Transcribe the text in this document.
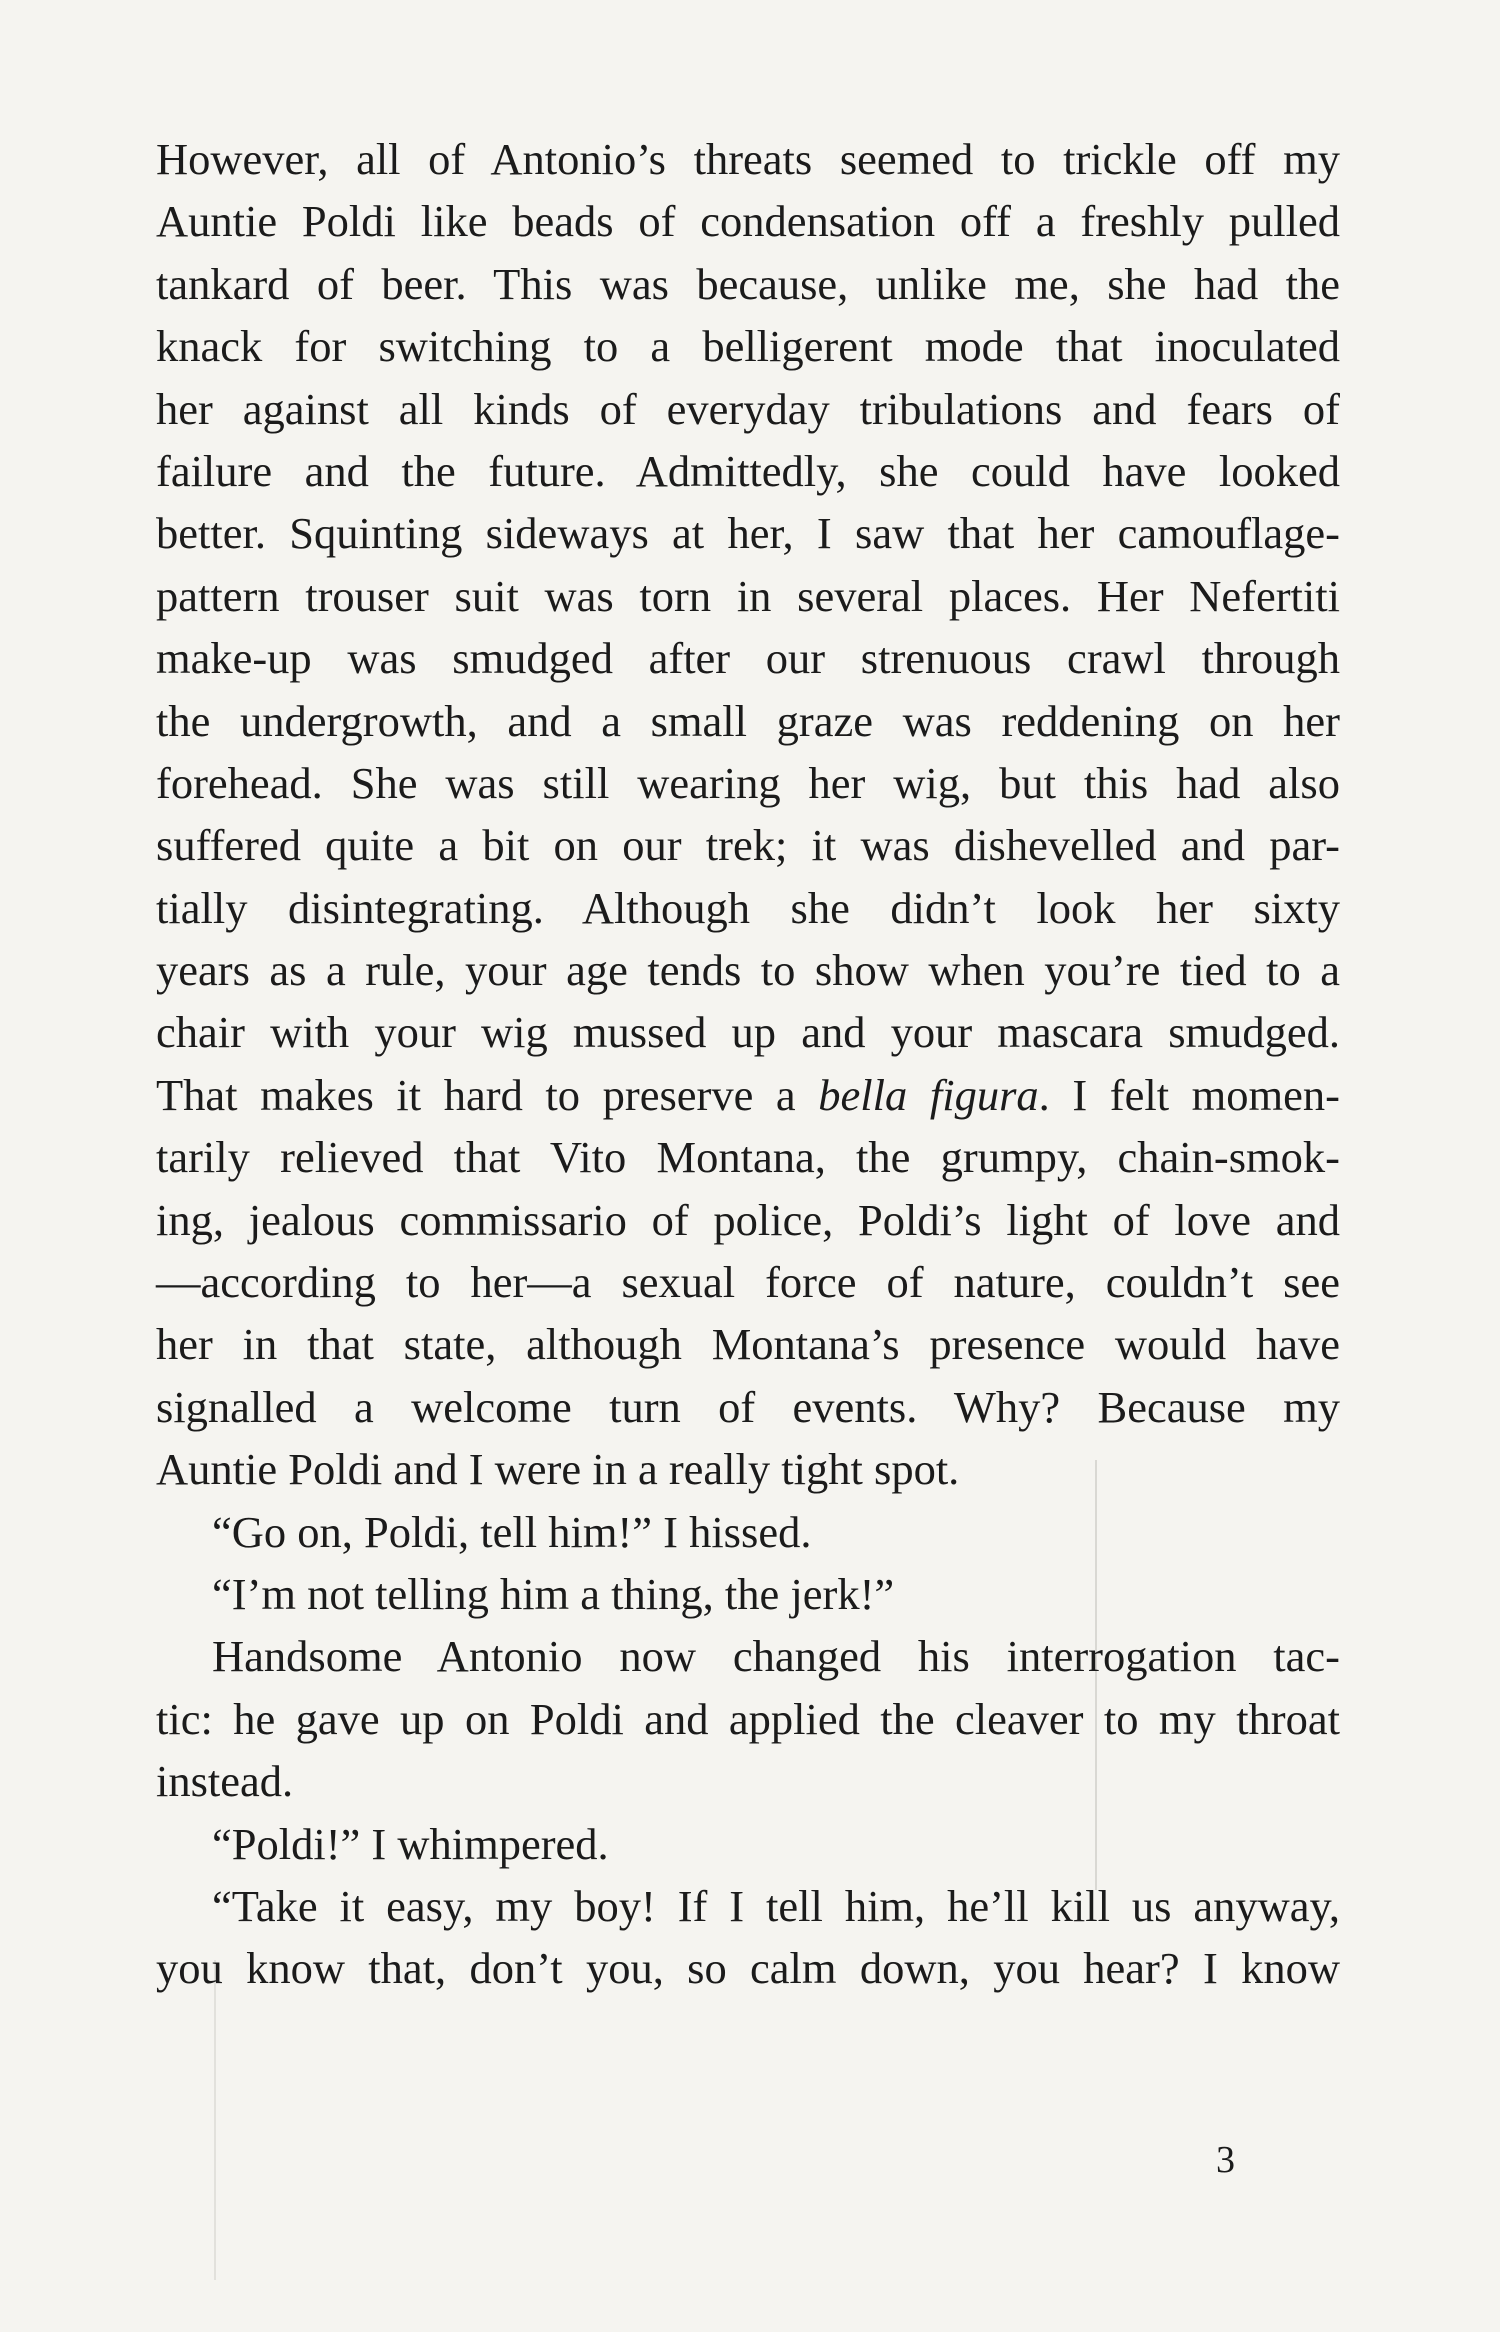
However, all of Antonio’s threats seemed to trickle off my
Auntie Poldi like beads of condensation off a freshly pulled
tankard of beer. This was because, unlike me, she had the
knack for switching to a belligerent mode that inoculated
her against all kinds of everyday tribulations and fears of
failure and the future. Admittedly, she could have looked
better. Squinting sideways at her, I saw that her camouflage-
pattern trouser suit was torn in several places. Her Nefertiti
make-up was smudged after our strenuous crawl through
the undergrowth, and a small graze was reddening on her
forehead. She was still wearing her wig, but this had also
suffered quite a bit on our trek; it was dishevelled and par-
tially disintegrating. Although she didn’t look her sixty
years as a rule, your age tends to show when you’re tied to a
chair with your wig mussed up and your mascara smudged.
That makes it hard to preserve a bella figura. I felt momen-
tarily relieved that Vito Montana, the grumpy, chain-smok-
ing, jealous commissario of police, Poldi’s light of love and
—according to her—a sexual force of nature, couldn’t see
her in that state, although Montana’s presence would have
signalled a welcome turn of events. Why? Because my
Auntie Poldi and I were in a really tight spot.
“Go on, Poldi, tell him!” I hissed.
“I’m not telling him a thing, the jerk!”
Handsome Antonio now changed his interrogation tac-
tic: he gave up on Poldi and applied the cleaver to my throat
instead.
“Poldi!” I whimpered.
“Take it easy, my boy! If I tell him, he’ll kill us anyway,
you know that, don’t you, so calm down, you hear? I know
3
